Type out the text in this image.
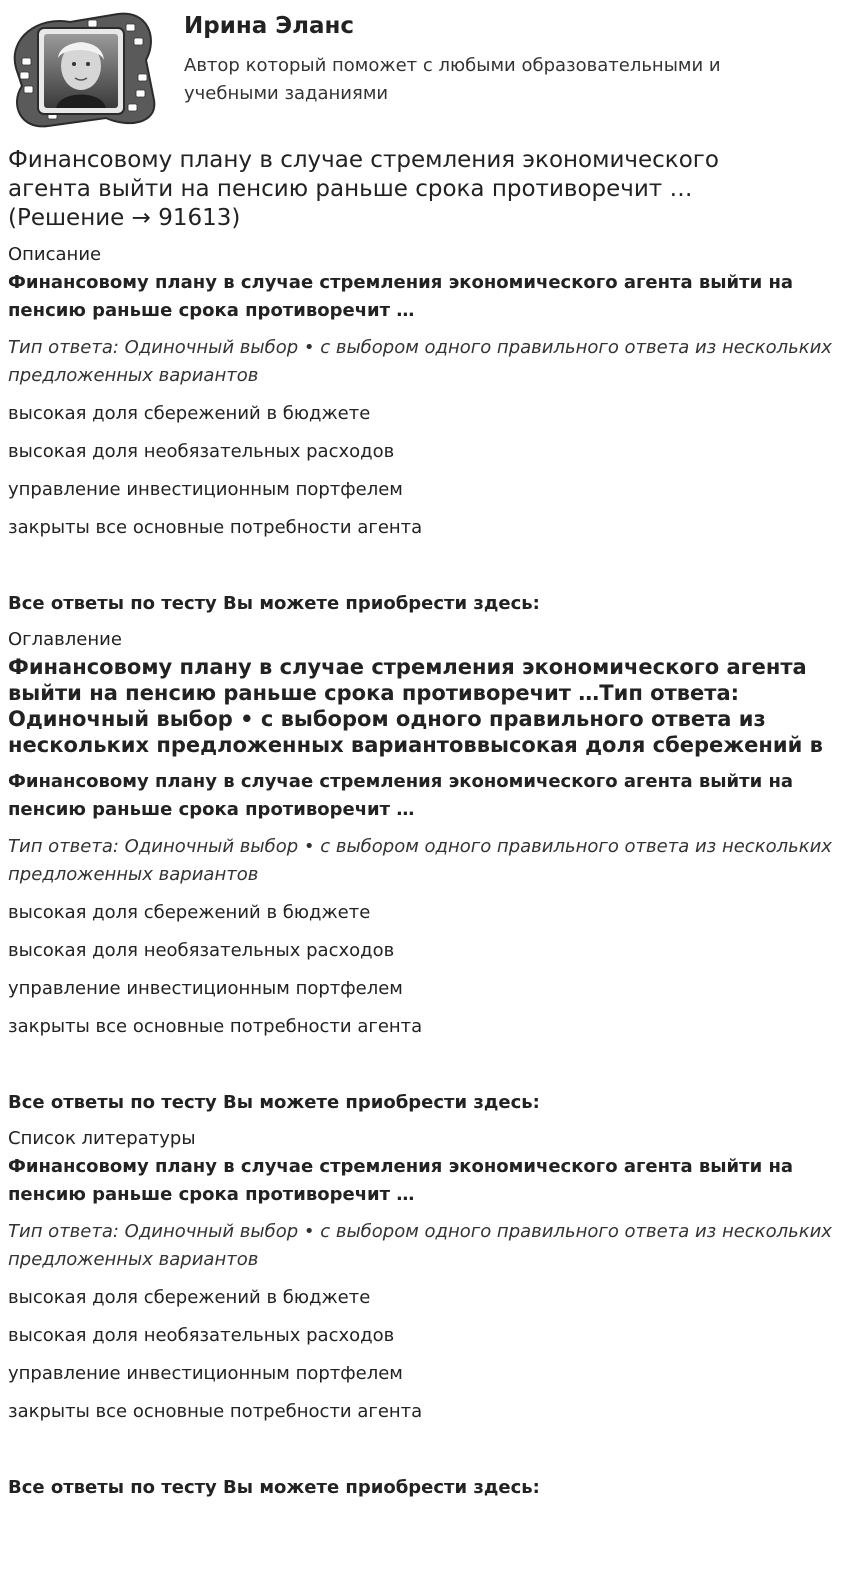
Ирина Эланс
Автор который поможет с любыми образовательными и учебными заданиями
Финансовому плану в случае стремления экономического агента выйти на пенсию раньше срока противоречит … (Решение → 91613)
Описание
Финансовому плану в случае стремления экономического агента выйти на пенсию раньше срока противоречит …
Тип ответа: Одиночный выбор • с выбором одного правильного ответа из нескольких предложенных вариантов
высокая доля сбережений в бюджете
высокая доля необязательных расходов
управление инвестиционным портфелем
закрыты все основные потребности агента
Все ответы по тесту Вы можете приобрести здесь:
Оглавление
Финансовому плану в случае стремления экономического агента выйти на пенсию раньше срока противоречит …Тип ответа: Одиночный выбор • с выбором одного правильного ответа из нескольких предложенных вариантоввысокая доля сбережений в
Финансовому плану в случае стремления экономического агента выйти на пенсию раньше срока противоречит …
Тип ответа: Одиночный выбор • с выбором одного правильного ответа из нескольких предложенных вариантов
высокая доля сбережений в бюджете
высокая доля необязательных расходов
управление инвестиционным портфелем
закрыты все основные потребности агента
Все ответы по тесту Вы можете приобрести здесь:
Список литературы
Финансовому плану в случае стремления экономического агента выйти на пенсию раньше срока противоречит …
Тип ответа: Одиночный выбор • с выбором одного правильного ответа из нескольких предложенных вариантов
высокая доля сбережений в бюджете
высокая доля необязательных расходов
управление инвестиционным портфелем
закрыты все основные потребности агента
Все ответы по тесту Вы можете приобрести здесь:
